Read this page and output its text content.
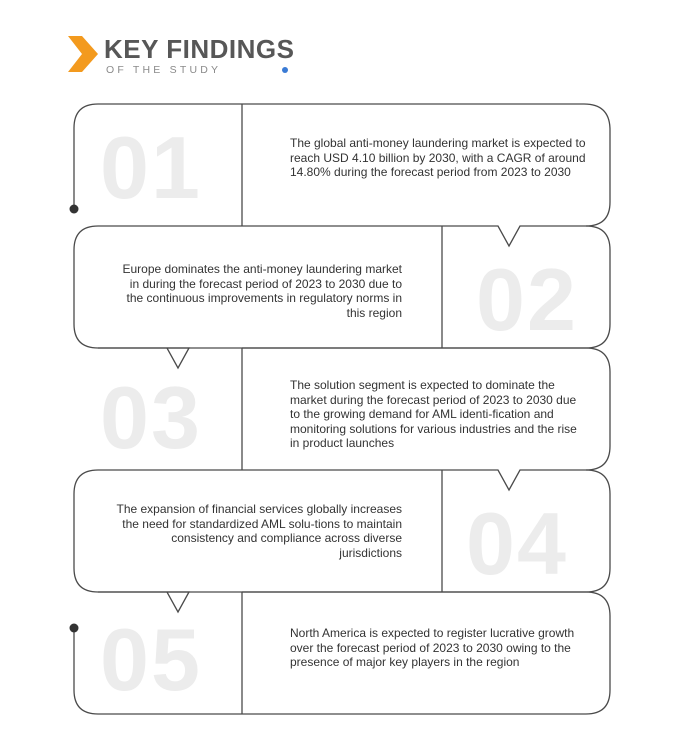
KEY FINDINGS
OF THE STUDY
01	The global anti-money laundering market is expected to reach USD 4.10 billion by 2030, with a CAGR of around 14.80% during the forecast period from 2023 to 2030
02
Europe dominates the anti-money laundering market in during the forecast period of 2023 to 2030 due to the continuous improvements in regulatory norms in this region
03	The solution segment is expected to dominate the market during the forecast period of 2023 to 2030 due to the growing demand for AML identi-fication and monitoring solutions for various industries and the rise in product launches
04
The expansion of financial services globally increases the need for standardized AML solu-tions to maintain consistency and compliance across diverse jurisdictions
05	North America is expected to register lucrative growth over the forecast period of 2023 to 2030 owing to the presence of major key players in the region
